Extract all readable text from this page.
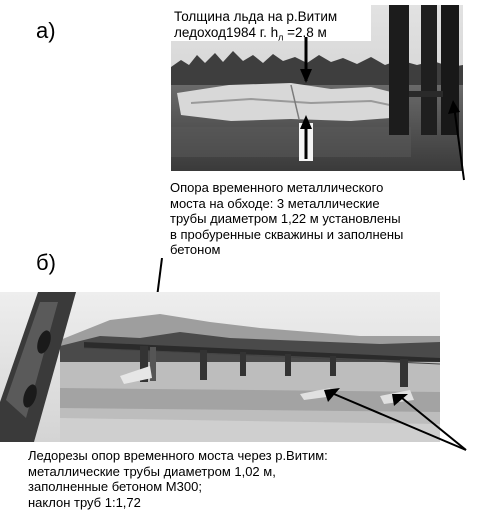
а)
Толщина льда на р.Витим
ледоход1984 г. $h_л =2.8$ м
Опора временного металлического
моста на обходе: 3 металлические
трубы диаметром 1,22 м установлены
в пробуренные скважины и заполнены
бетоном
б)
Ледорезы опор временного моста через р.Витим:
металлические трубы диаметром 1,02 м,
заполненные бетоном М300;
наклон труб 1:1,72
